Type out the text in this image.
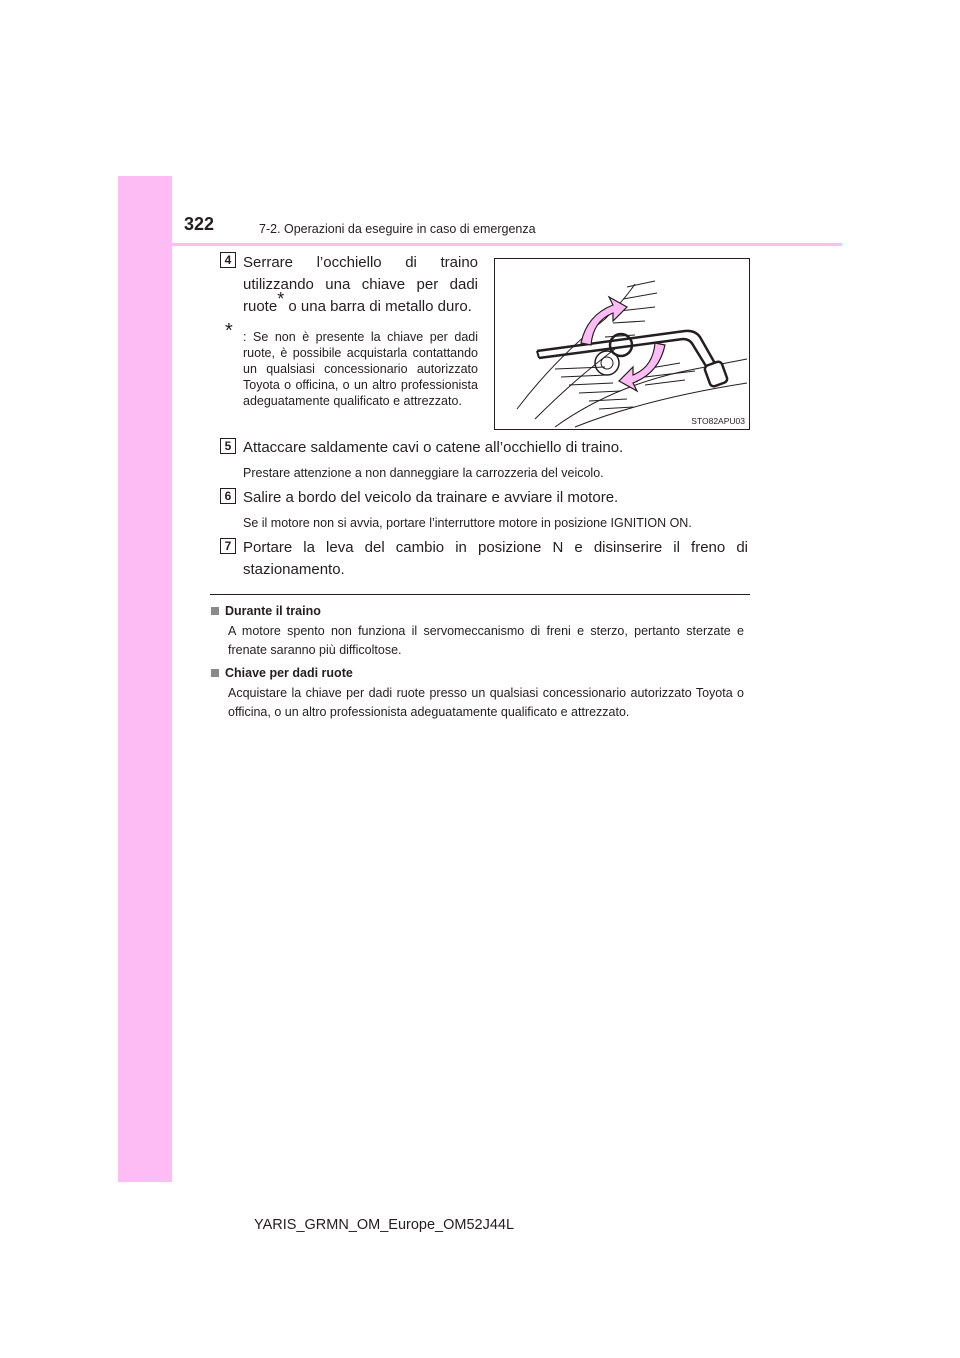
322	7-2. Operazioni da eseguire in caso di emergenza
4 Serrare l’occhiello di traino utilizzando una chiave per dadi ruote* o una barra di metallo duro.
* : Se non è presente la chiave per dadi ruote, è possibile acquistarla contattando un qualsiasi concessionario autorizzato Toyota o officina, o un altro professionista adeguatamente qualificato e attrezzato.
STO82APU03
5 Attaccare saldamente cavi o catene all’occhiello di traino.
Prestare attenzione a non danneggiare la carrozzeria del veicolo.
6 Salire a bordo del veicolo da trainare e avviare il motore.
Se il motore non si avvia, portare l’interruttore motore in posizione IGNITION ON.
7 Portare la leva del cambio in posizione N e disinserire il freno di stazionamento.
Durante il traino
A motore spento non funziona il servomeccanismo di freni e sterzo, pertanto sterzate e frenate saranno più difficoltose.
Chiave per dadi ruote
Acquistare la chiave per dadi ruote presso un qualsiasi concessionario autorizzato Toyota o officina, o un altro professionista adeguatamente qualificato e attrezzato.
YARIS_GRMN_OM_Europe_OM52J44L
